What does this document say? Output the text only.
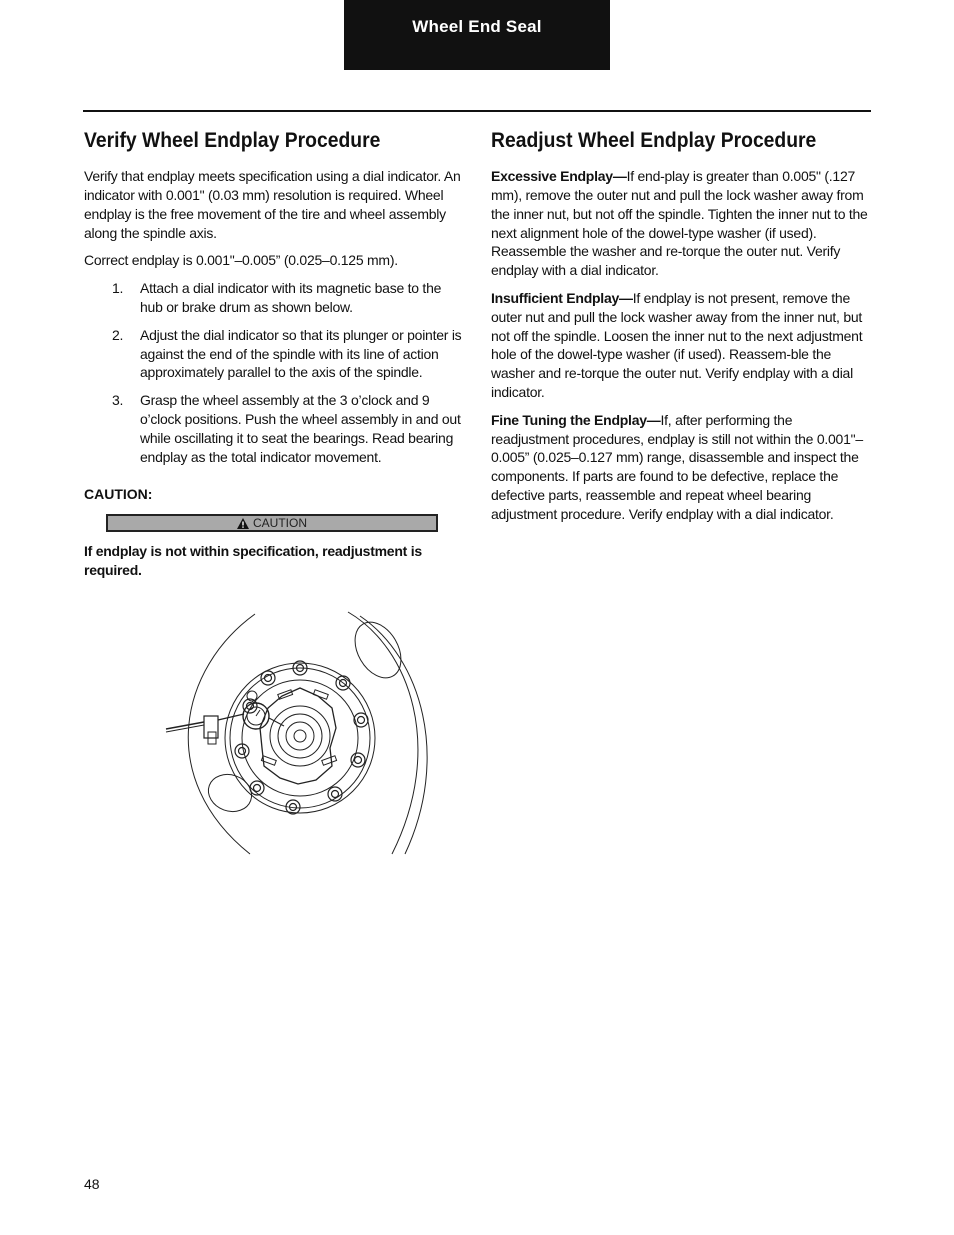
Wheel End Seal
Verify Wheel Endplay Procedure

Verify that endplay meets specification using a dial indicator. An indicator with 0.001" (0.03 mm) resolution is required. Wheel endplay is the free movement of the tire and wheel assembly along the spindle axis.

Correct endplay is 0.001"–0.005” (0.025–0.125 mm).

1. Attach a dial indicator with its magnetic base to the hub or brake drum as shown below.
2. Adjust the dial indicator so that its plunger or pointer is against the end of the spindle with its line of action approximately parallel to the axis of the spindle.
3. Grasp the wheel assembly at the 3 o’clock and 9 o’clock positions. Push the wheel assembly in and out while oscillating it to seat the bearings. Read bearing endplay as the total indicator movement.
CAUTION:
CAUTION

If endplay is not within specification, readjustment is required.

Readjust Wheel Endplay Procedure

Excessive Endplay—If end-play is greater than 0.005" (.127 mm), remove the outer nut and pull the lock washer away from the inner nut, but not off the spindle. Tighten the inner nut to the next alignment hole of the dowel-type washer (if used). Reassemble the washer and re-torque the outer nut. Verify endplay with a dial indicator.

Insufficient Endplay—If endplay is not present, remove the outer nut and pull the lock washer away from the inner nut, but not off the spindle. Loosen the inner nut to the next adjustment hole of the dowel-type washer (if used). Reassem-ble the washer and re-torque the outer nut. Verify endplay with a dial indicator.

Fine Tuning the Endplay—If, after performing the readjustment procedures, endplay is still not within the 0.001"–0.005” (0.025–0.127 mm) range, disassemble and inspect the components. If parts are found to be defective, replace the defective parts, reassemble and repeat wheel bearing adjustment procedure. Verify endplay with a dial indicator.

48
